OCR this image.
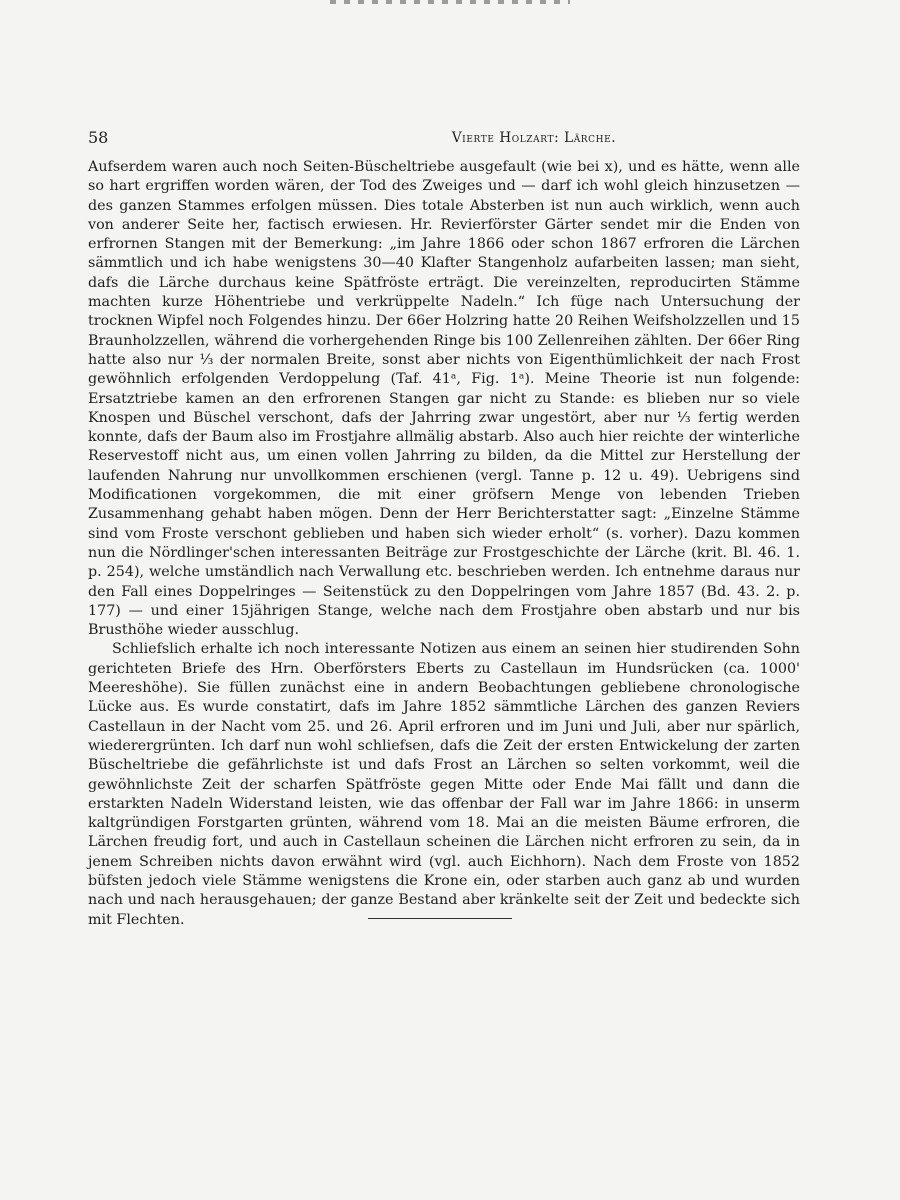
58	Vierte Holzart: Lärche.

Aufserdem waren auch noch Seiten-Büscheltriebe ausgefault (wie bei x), und es hätte, wenn alle so hart ergriffen worden wären, der Tod des Zweiges und — darf ich wohl gleich hinzusetzen — des ganzen Stammes erfolgen müssen. Dies totale Absterben ist nun auch wirklich, wenn auch von anderer Seite her, factisch erwiesen. Hr. Revierförster Gärter sendet mir die Enden von erfrornen Stangen mit der Bemerkung: „im Jahre 1866 oder schon 1867 erfroren die Lärchen sämmtlich und ich habe wenigstens 30—40 Klafter Stangenholz aufarbeiten lassen; man sieht, dafs die Lärche durchaus keine Spätfröste erträgt. Die vereinzelten, reproducirten Stämme machten kurze Höhentriebe und verkrüppelte Nadeln.“ Ich füge nach Untersuchung der trocknen Wipfel noch Folgendes hinzu. Der 66er Holzring hatte 20 Reihen Weifsholzzellen und 15 Braunholzzellen, während die vorhergehenden Ringe bis 100 Zellenreihen zählten. Der 66er Ring hatte also nur ⅓ der normalen Breite, sonst aber nichts von Eigenthümlichkeit der nach Frost gewöhnlich erfolgenden Verdoppelung (Taf. 41ᵃ, Fig. 1ᵃ). Meine Theorie ist nun folgende: Ersatztriebe kamen an den erfrorenen Stangen gar nicht zu Stande: es blieben nur so viele Knospen und Büschel verschont, dafs der Jahrring zwar ungestört, aber nur ⅓ fertig werden konnte, dafs der Baum also im Frostjahre allmälig abstarb. Also auch hier reichte der winterliche Reservestoff nicht aus, um einen vollen Jahrring zu bilden, da die Mittel zur Herstellung der laufenden Nahrung nur unvollkommen erschienen (vergl. Tanne p. 12 u. 49). Uebrigens sind Modificationen vorgekommen, die mit einer gröfsern Menge von lebenden Trieben Zusammenhang gehabt haben mögen. Denn der Herr Berichterstatter sagt: „Einzelne Stämme sind vom Froste verschont geblieben und haben sich wieder erholt“ (s. vorher). Dazu kommen nun die Nördlinger'schen interessanten Beiträge zur Frostgeschichte der Lärche (krit. Bl. 46. 1. p. 254), welche umständlich nach Verwallung etc. beschrieben werden. Ich entnehme daraus nur den Fall eines Doppelringes — Seitenstück zu den Doppelringen vom Jahre 1857 (Bd. 43. 2. p. 177) — und einer 15jährigen Stange, welche nach dem Frostjahre oben abstarb und nur bis Brusthöhe wieder ausschlug.

Schliefslich erhalte ich noch interessante Notizen aus einem an seinen hier studirenden Sohn gerichteten Briefe des Hrn. Oberförsters Eberts zu Castellaun im Hundsrücken (ca. 1000' Meereshöhe). Sie füllen zunächst eine in andern Beobachtungen gebliebene chronologische Lücke aus. Es wurde constatirt, dafs im Jahre 1852 sämmtliche Lärchen des ganzen Reviers Castellaun in der Nacht vom 25. und 26. April erfroren und im Juni und Juli, aber nur spärlich, wiederergrünten. Ich darf nun wohl schliefsen, dafs die Zeit der ersten Entwickelung der zarten Büscheltriebe die gefährlichste ist und dafs Frost an Lärchen so selten vorkommt, weil die gewöhnlichste Zeit der scharfen Spätfröste gegen Mitte oder Ende Mai fällt und dann die erstarkten Nadeln Widerstand leisten, wie das offenbar der Fall war im Jahre 1866: in unserm kaltgründigen Forstgarten grünten, während vom 18. Mai an die meisten Bäume erfroren, die Lärchen freudig fort, und auch in Castellaun scheinen die Lärchen nicht erfroren zu sein, da in jenem Schreiben nichts davon erwähnt wird (vgl. auch Eichhorn). Nach dem Froste von 1852 büfsten jedoch viele Stämme wenigstens die Krone ein, oder starben auch ganz ab und wurden nach und nach herausgehauen; der ganze Bestand aber kränkelte seit der Zeit und bedeckte sich mit Flechten.
